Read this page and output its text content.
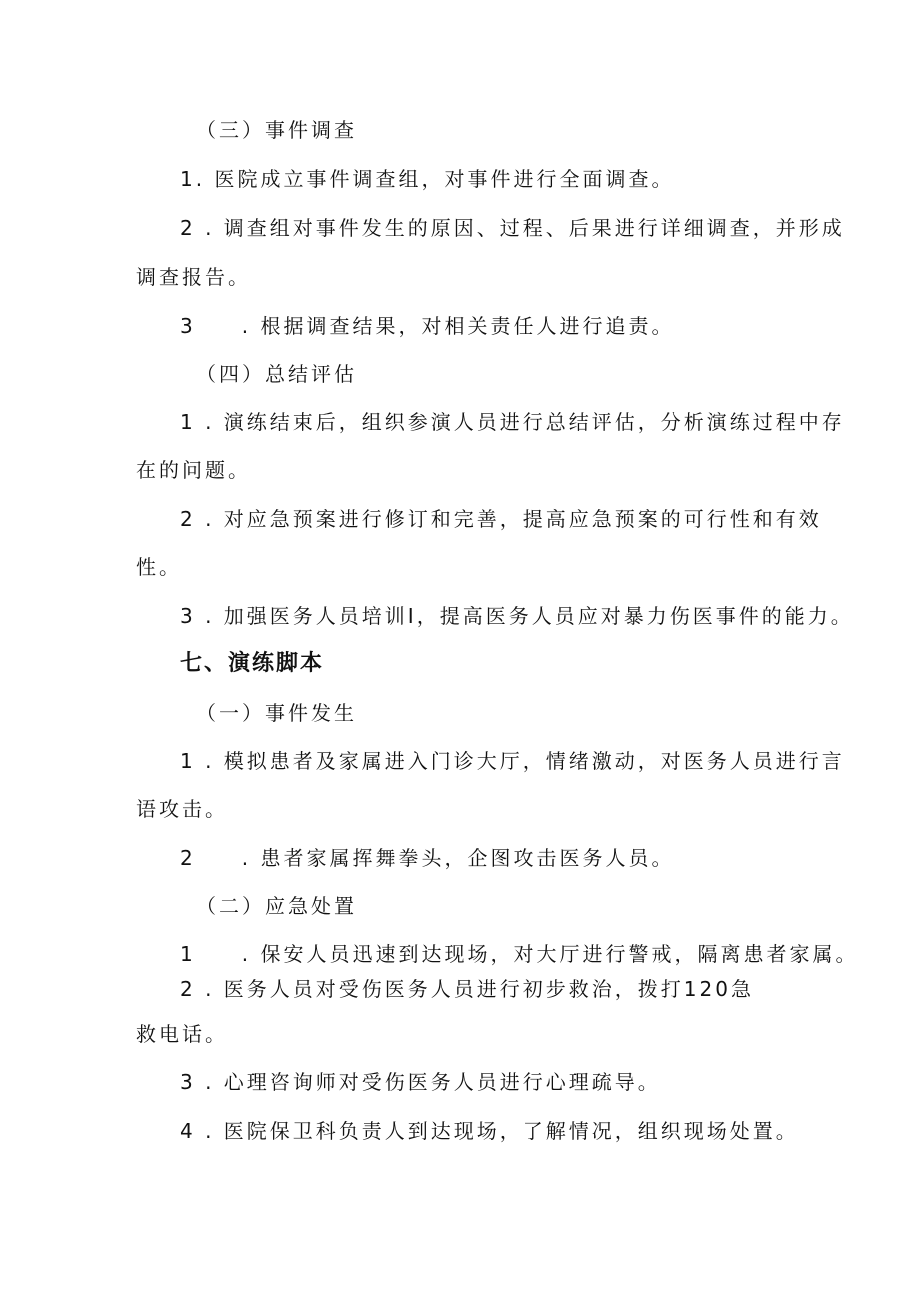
（三）事件调查
1. 医院成立事件调查组，对事件进行全面调查。
2 . 调查组对事件发生的原因、过程、后果进行详细调查，并形成
调查报告。
3　　. 根据调查结果，对相关责任人进行追责。
（四）总结评估
1 . 演练结束后，组织参演人员进行总结评估，分析演练过程中存
在的问题。
2 . 对应急预案进行修订和完善，提高应急预案的可行性和有效
性。
3 . 加强医务人员培训I，提高医务人员应对暴力伤医事件的能力。
七、演练脚本
（一）事件发生
1 . 模拟患者及家属进入门诊大厅，情绪激动，对医务人员进行言
语攻击。
2　　. 患者家属挥舞拳头，企图攻击医务人员。
（二）应急处置
1　　. 保安人员迅速到达现场，对大厅进行警戒，隔离患者家属。
2 . 医务人员对受伤医务人员进行初步救治，拨打120急
救电话。
3 . 心理咨询师对受伤医务人员进行心理疏导。
4 . 医院保卫科负责人到达现场，了解情况，组织现场处置。
